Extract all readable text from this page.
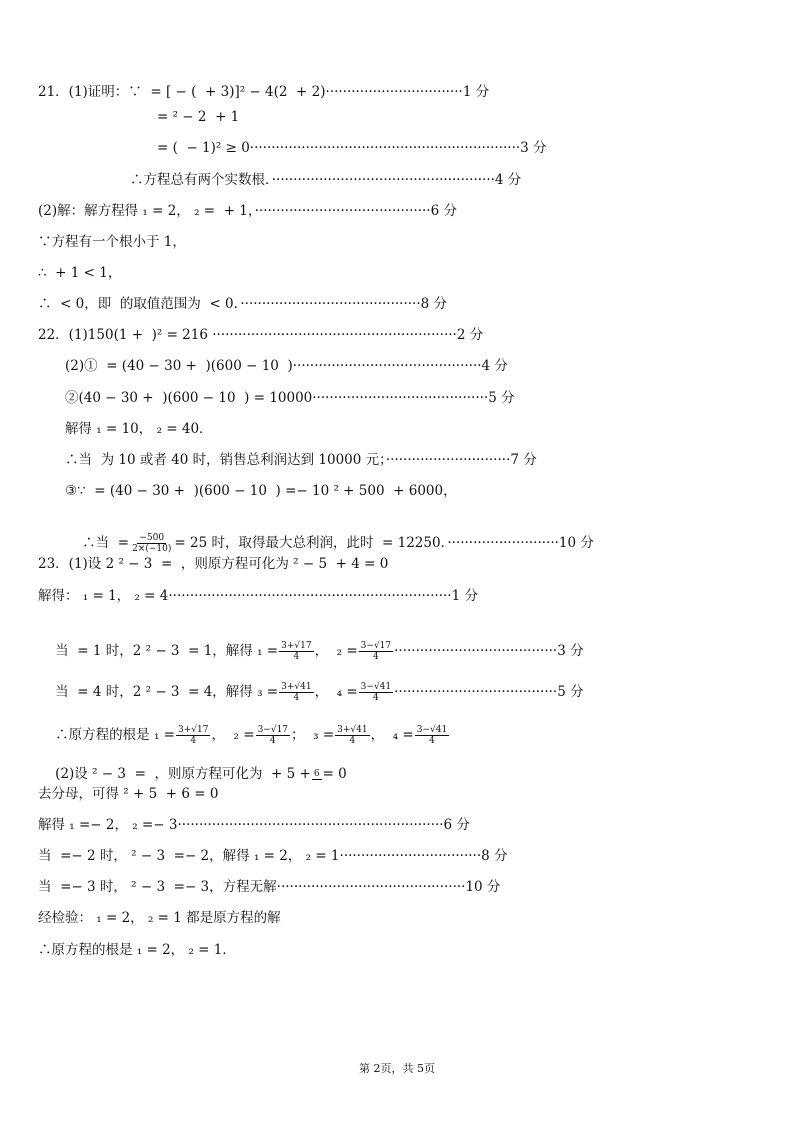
21．(1)证明：∵  = [ − (  + 3)]² − 4(2  + 2)································1 分
= ² − 2  + 1
= (  − 1)² ≥ 0·······························································3 分
∴方程总有两个实数根．····················································4 分
(2)解：解方程得 ₁ = 2， ₂ =  + 1，·········································6 分
∵方程有一个根小于 1，
∴  + 1 < 1，
∴  < 0，即  的取值范围为  < 0．··········································8 分
22．(1)150(1 +  )² = 216 ·························································2 分
(2)①  = (40 − 30 +  )(600 − 10  )············································4 分
②(40 − 30 +  )(600 − 10  ) = 10000·········································5 分
解得 ₁ = 10， ₂ = 40．
∴当  为 10 或者 40 时，销售总利润达到 10000 元；·····························7 分
③∵  = (40 − 30 +  )(600 − 10  ) =− 10 ² + 500  + 6000，

∴当  = $\frac{-500}{2\times(-10)} = 25$ 时，取得最大总利润，此时  = 12250．··························10 分

23．(1)设 2 ² − 3  =  ，则原方程可化为 ² − 5  + 4 = 0
解得： ₁ = 1， ₂ = 4··································································1 分

当  = 1 时，2 ² − 3  = 1，解得 $_1 = \frac{3+√17}{4}$ ，  $_2 = \frac{3-√17}{4} \cdot\cdot\cdot\cdot\cdot\cdot\cdot\cdot\cdot\cdot\cdot\cdot\cdot\cdot\cdot\cdot\cdot\cdot\cdot\cdot\cdot\cdot\cdot\cdot\cdot\cdot\cdot\cdot\cdot\cdot\cdot\cdot\cdot\cdot\cdot\cdot\cdot\cdot 3$ 分

当  = 4 时，2 ² − 3  = 4，解得 $_3 = \frac{3+√41}{4}$ ，  $_4 = \frac{3-√41}{4} \cdot\cdot\cdot\cdot\cdot\cdot\cdot\cdot\cdot\cdot\cdot\cdot\cdot\cdot\cdot\cdot\cdot\cdot\cdot\cdot\cdot\cdot\cdot\cdot\cdot\cdot\cdot\cdot\cdot\cdot\cdot\cdot\cdot\cdot\cdot\cdot\cdot\cdot 5$ 分

∴原方程的根是 $_1 = \frac{3+√17}{4}$ ，  $_2 = \frac{3-√17}{4}$ ；  $_3 = \frac{3+√41}{4}$ ，  $_4 = \frac{3-√41}{4}$

(2)设 ² − 3  =  ，则原方程可化为  + 5 + 6 = 0

去分母，可得 ² + 5  + 6 = 0
解得 ₁ =− 2， ₂ =− 3······························································6 分
当  =− 2 时， ² − 3  =− 2，解得 ₁ = 2， ₂ = 1·································8 分
当  =− 3 时， ² − 3  =− 3，方程无解············································10 分
经检验： ₁ = 2， ₂ = 1 都是原方程的解
∴原方程的根是 ₁ = 2， ₂ = 1．
第 2页，共 5页
